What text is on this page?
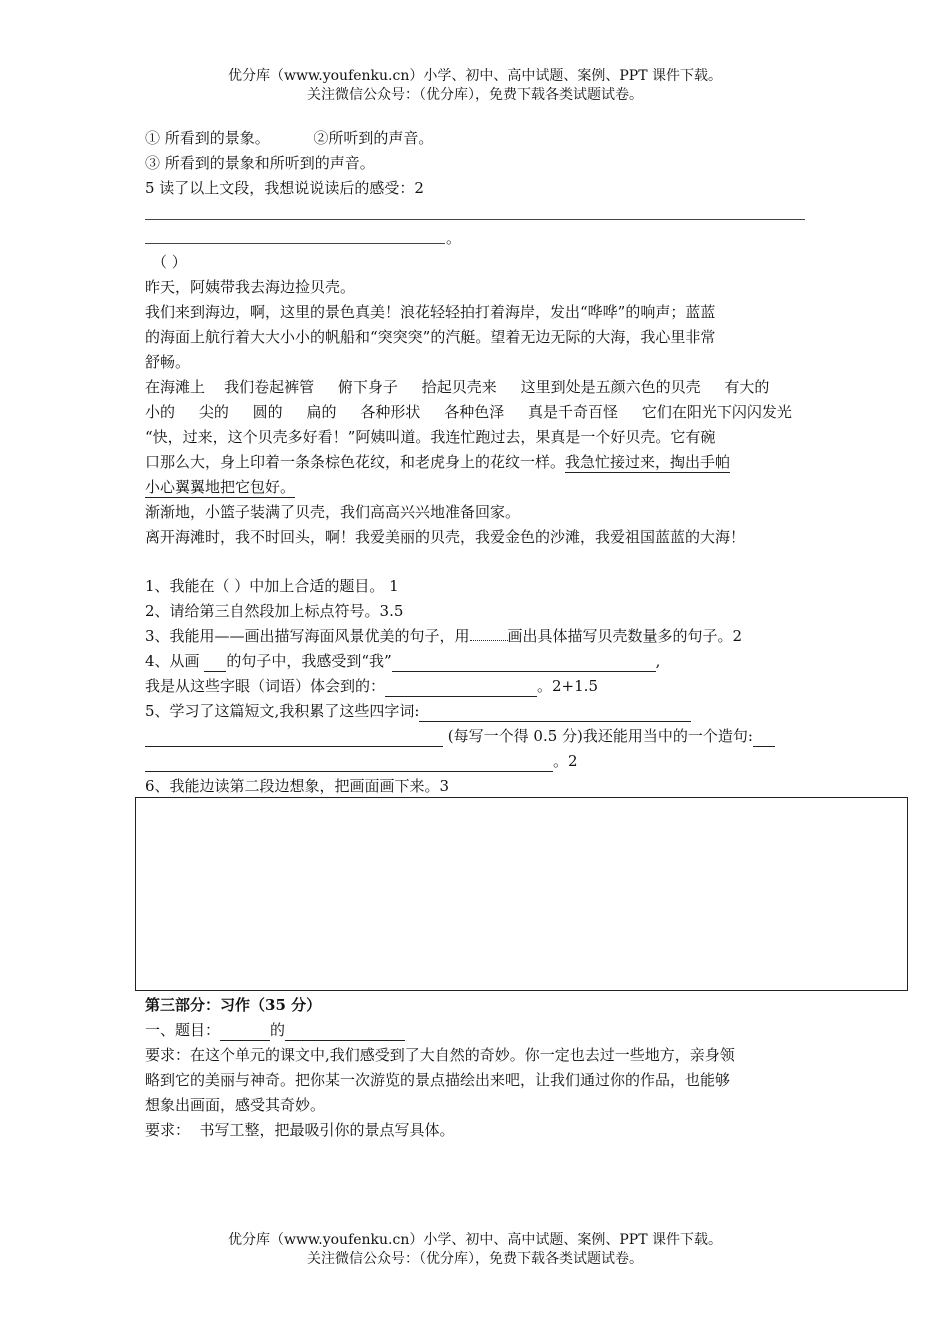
优分库（www.youfenku.cn）小学、初中、高中试题、案例、PPT 课件下载。
关注微信公众号：（优分库），免费下载各类试题试卷。
① 所看到的景象。	②所听到的声音。
③ 所看到的景象和所听到的声音。
5 读了以上文段，我想说说读后的感受：2
。
（ ）
昨天，阿姨带我去海边捡贝壳。
我们来到海边，啊，这里的景色真美！浪花轻轻拍打着海岸，发出“哗哗”的响声；蓝蓝
的海面上航行着大大小小的帆船和“突突突”的汽艇。望着无边无际的大海，我心里非常
舒畅。
在海滩上    我们卷起裤管     俯下身子     拾起贝壳来     这里到处是五颜六色的贝壳     有大的
小的     尖的     圆的     扁的     各种形状     各种色泽     真是千奇百怪     它们在阳光下闪闪发光
“快，过来，这个贝壳多好看！”阿姨叫道。我连忙跑过去，果真是一个好贝壳。它有碗
口那么大，身上印着一条条棕色花纹，和老虎身上的花纹一样。我急忙接过来，掏出手帕
小心翼翼地把它包好。
渐渐地，小篮子装满了贝壳，我们高高兴兴地准备回家。
离开海滩时，我不时回头，啊！我爱美丽的贝壳，我爱金色的沙滩，我爱祖国蓝蓝的大海！
1、我能在（ ）中加上合适的题目。 1
2、请给第三自然段加上标点符号。3.5
3、我能用——画出描写海面风景优美的句子，用	画出具体描写贝壳数量多的句子。2
4、从画  的句子中，我感受到“我”	,
我是从这些字眼（词语）体会到的：	。2+1.5
5、学习了这篇短文,我积累了这些四字词:
(每写一个得 0.5 分)我还能用当中的一个造句:
。2
6、我能边读第二段边想象，把画面画下来。3
第三部分：习作（35 分）
一、题目：	的
要求：在这个单元的课文中,我们感受到了大自然的奇妙。你一定也去过一些地方，亲身领
略到它的美丽与神奇。把你某一次游览的景点描绘出来吧，让我们通过你的作品，也能够
想象出画面，感受其奇妙。
要求：  书写工整，把最吸引你的景点写具体。
优分库（www.youfenku.cn）小学、初中、高中试题、案例、PPT 课件下载。
关注微信公众号：（优分库），免费下载各类试题试卷。
